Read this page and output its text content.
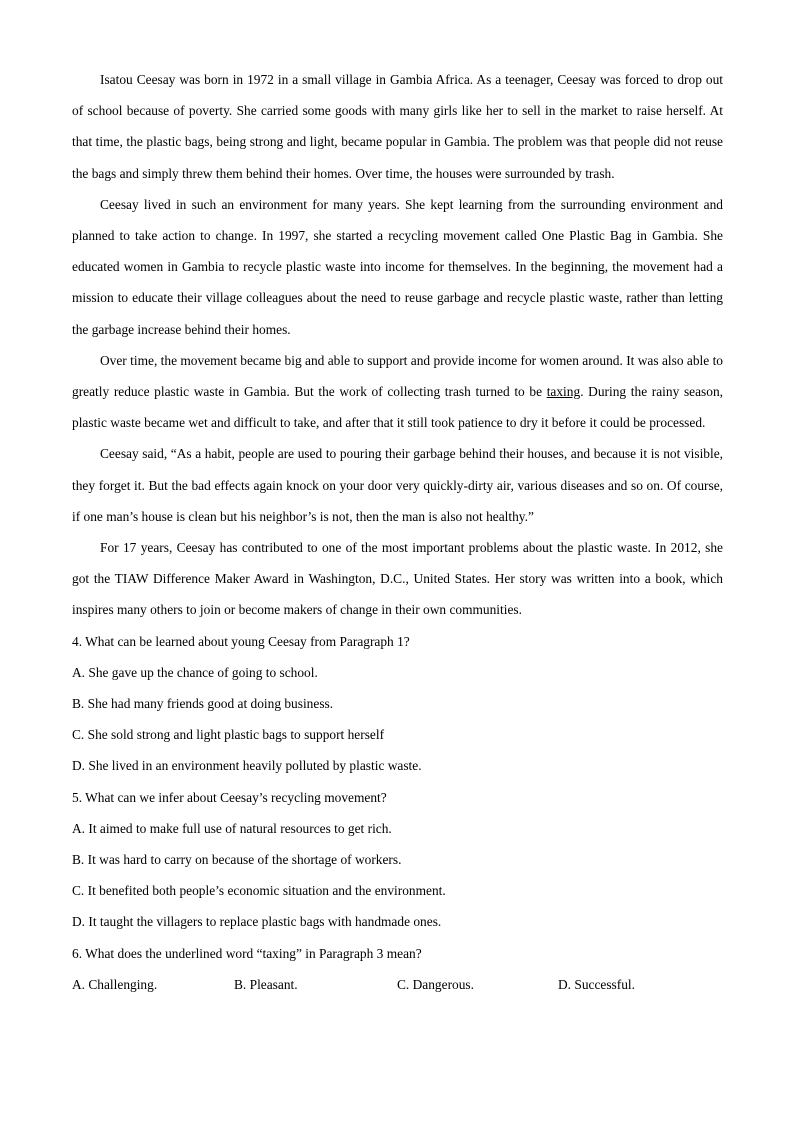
Isatou Ceesay was born in 1972 in a small village in Gambia Africa. As a teenager, Ceesay was forced to drop out of school because of poverty. She carried some goods with many girls like her to sell in the market to raise herself. At that time, the plastic bags, being strong and light, became popular in Gambia. The problem was that people did not reuse the bags and simply threw them behind their homes. Over time, the houses were surrounded by trash.

Ceesay lived in such an environment for many years. She kept learning from the surrounding environment and planned to take action to change. In 1997, she started a recycling movement called One Plastic Bag in Gambia. She educated women in Gambia to recycle plastic waste into income for themselves. In the beginning, the movement had a mission to educate their village colleagues about the need to reuse garbage and recycle plastic waste, rather than letting the garbage increase behind their homes.

Over time, the movement became big and able to support and provide income for women around. It was also able to greatly reduce plastic waste in Gambia. But the work of collecting trash turned to be taxing. During the rainy season, plastic waste became wet and difficult to take, and after that it still took patience to dry it before it could be processed.

Ceesay said, “As a habit, people are used to pouring their garbage behind their houses, and because it is not visible, they forget it. But the bad effects again knock on your door very quickly-dirty air, various diseases and so on. Of course, if one man’s house is clean but his neighbor’s is not, then the man is also not healthy.”

For 17 years, Ceesay has contributed to one of the most important problems about the plastic waste. In 2012, she got the TIAW Difference Maker Award in Washington, D.C., United States. Her story was written into a book, which inspires many others to join or become makers of change in their own communities.

4. What can be learned about young Ceesay from Paragraph 1?

A. She gave up the chance of going to school.

B. She had many friends good at doing business.

C. She sold strong and light plastic bags to support herself

D. She lived in an environment heavily polluted by plastic waste.

5. What can we infer about Ceesay’s recycling movement?

A. It aimed to make full use of natural resources to get rich.

B. It was hard to carry on because of the shortage of workers.

C. It benefited both people’s economic situation and the environment.

D. It taught the villagers to replace plastic bags with handmade ones.

6. What does the underlined word “taxing” in Paragraph 3 mean?

A. Challenging.	B. Pleasant.	C. Dangerous.	D. Successful.
